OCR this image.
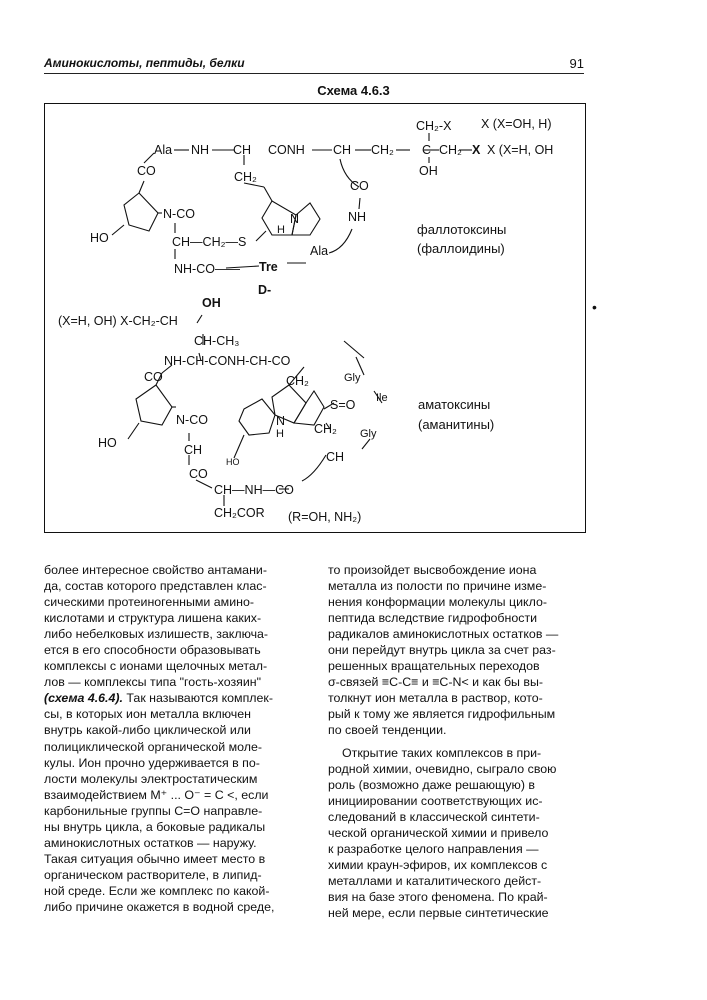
Аминокислоты, пептиды, белки	91
Схема 4.6.3
Ala NH CH CONH CH CH₂ C CH₂ X
CH₂-X
OH
X (X=OH, H)
X (X=H, OH
CO	CH₂
CO
NH
N
H
N-CO
HO	CH—CH₂—S
NH-CO—— Tre
Ala
D-
фаллотоксины
(фаллоидины)
OH
(X=H, OH) X-CH₂-CH
CH-CH₃
NH-CH-CONH-CH-CO
Gly
CO	CH₂
S=O Ile
N-CO	N
H
HO	CH
CH₂ Gly
HO	CH
CO
CH—NH—CO
CH₂COR (R=OH, NH₂)
аматоксины
(аманитины)
•

более интересное свойство антамани-
да, состав которого представлен клас-
сическими протеиногенными амино-
кислотами и структура лишена каких-
либо небелковых излишеств, заключа-
ется в его способности образовывать
комплексы с ионами щелочных метал-
лов — комплексы типа "гость-хозяин"
(схема 4.6.4). Так называются комплек-
сы, в которых ион металла включен
внутрь какой-либо циклической или
полициклической органической моле-
кулы. Ион прочно удерживается в по-
лости молекулы электростатическим
взаимодействием M⁺ ... O⁻ = C <, если
карбонильные группы C=O направле-
ны внутрь цикла, а боковые радикалы
аминокислотных остатков — наружу.
Такая ситуация обычно имеет место в
органическом растворителе, в липид-
ной среде. Если же комплекс по какой-
либо причине окажется в водной среде,

то произойдет высвобождение иона
металла из полости по причине изме-
нения конформации молекулы цикло-
пептида вследствие гидрофобности
радикалов аминокислотных остатков —
они перейдут внутрь цикла за счет раз-
решенных вращательных переходов
σ-связей ≡C-C≡ и ≡C-N< и как бы вы-
толкнут ион металла в раствор, кото-
рый к тому же является гидрофильным
по своей тенденции.

Открытие таких комплексов в при-
родной химии, очевидно, сыграло свою
роль (возможно даже решающую) в
инициировании соответствующих ис-
следований в классической синтети-
ческой органической химии и привело
к разработке целого направления —
химии краун-эфиров, их комплексов с
металлами и каталитического дейст-
вия на базе этого феномена. По край-
ней мере, если первые синтетические
